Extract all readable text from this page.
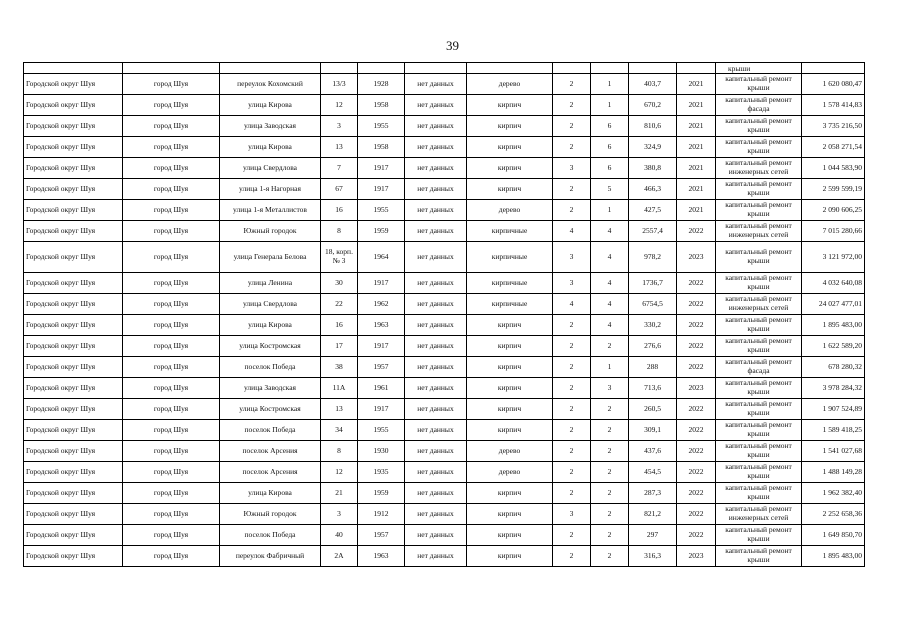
39

											крыши	

Городской округ Шуя	город Шуя	переулок Кохомский	13/3	1928	нет данных	дерево	2	1	403,7	2021	капитальный ремонт крыши	1 620 080,47
Городской округ Шуя	город Шуя	улица Кирова	12	1958	нет данных	кирпич	2	1	670,2	2021	капитальный ремонт фасада	1 578 414,83
Городской округ Шуя	город Шуя	улица Заводская	3	1955	нет данных	кирпич	2	6	810,6	2021	капитальный ремонт крыши	3 735 216,50
Городской округ Шуя	город Шуя	улица Кирова	13	1958	нет данных	кирпич	2	6	324,9	2021	капитальный ремонт крыши	2 058 271,54
Городской округ Шуя	город Шуя	улица Свердлова	7	1917	нет данных	кирпич	3	6	380,8	2021	капитальный ремонт инженерных сетей	1 044 583,90
Городской округ Шуя	город Шуя	улица 1-я Нагорная	67	1917	нет данных	кирпич	2	5	466,3	2021	капитальный ремонт крыши	2 599 599,19
Городской округ Шуя	город Шуя	улица 1-я Металлистов	16	1955	нет данных	дерево	2	1	427,5	2021	капитальный ремонт крыши	2 090 606,25
Городской округ Шуя	город Шуя	Южный городок	8	1959	нет данных	кирпичные	4	4	2557,4	2022	капитальный ремонт инженерных сетей	7 015 280,66
Городской округ Шуя	город Шуя	улица Генерала Белова	18, корп. № 3	1964	нет данных	кирпичные	3	4	978,2	2023	капитальный ремонт крыши	3 121 972,00
Городской округ Шуя	город Шуя	улица Ленина	30	1917	нет данных	кирпичные	3	4	1736,7	2022	капитальный ремонт крыши	4 032 640,08
Городской округ Шуя	город Шуя	улица Свердлова	22	1962	нет данных	кирпичные	4	4	6754,5	2022	капитальный ремонт инженерных сетей	24 027 477,01
Городской округ Шуя	город Шуя	улица Кирова	16	1963	нет данных	кирпич	2	4	330,2	2022	капитальный ремонт крыши	1 895 483,00
Городской округ Шуя	город Шуя	улица Костромская	17	1917	нет данных	кирпич	2	2	276,6	2022	капитальный ремонт крыши	1 622 589,20
Городской округ Шуя	город Шуя	поселок Победа	38	1957	нет данных	кирпич	2	1	288	2022	капитальный ремонт фасада	678 280,32
Городской округ Шуя	город Шуя	улица Заводская	11А	1961	нет данных	кирпич	2	3	713,6	2023	капитальный ремонт крыши	3 978 284,32
Городской округ Шуя	город Шуя	улица Костромская	13	1917	нет данных	кирпич	2	2	260,5	2022	капитальный ремонт крыши	1 907 524,89
Городской округ Шуя	город Шуя	поселок Победа	34	1955	нет данных	кирпич	2	2	309,1	2022	капитальный ремонт крыши	1 589 418,25
Городской округ Шуя	город Шуя	поселок Арсения	8	1930	нет данных	дерево	2	2	437,6	2022	капитальный ремонт крыши	1 541 027,68
Городской округ Шуя	город Шуя	поселок Арсения	12	1935	нет данных	дерево	2	2	454,5	2022	капитальный ремонт крыши	1 488 149,28
Городской округ Шуя	город Шуя	улица Кирова	21	1959	нет данных	кирпич	2	2	287,3	2022	капитальный ремонт крыши	1 962 382,40
Городской округ Шуя	город Шуя	Южный городок	3	1912	нет данных	кирпич	3	2	821,2	2022	капитальный ремонт инженерных сетей	2 252 658,36
Городской округ Шуя	город Шуя	поселок Победа	40	1957	нет данных	кирпич	2	2	297	2022	капитальный ремонт крыши	1 649 850,70
Городской округ Шуя	город Шуя	переулок Фабричный	2А	1963	нет данных	кирпич	2	2	316,3	2023	капитальный ремонт крыши	1 895 483,00
